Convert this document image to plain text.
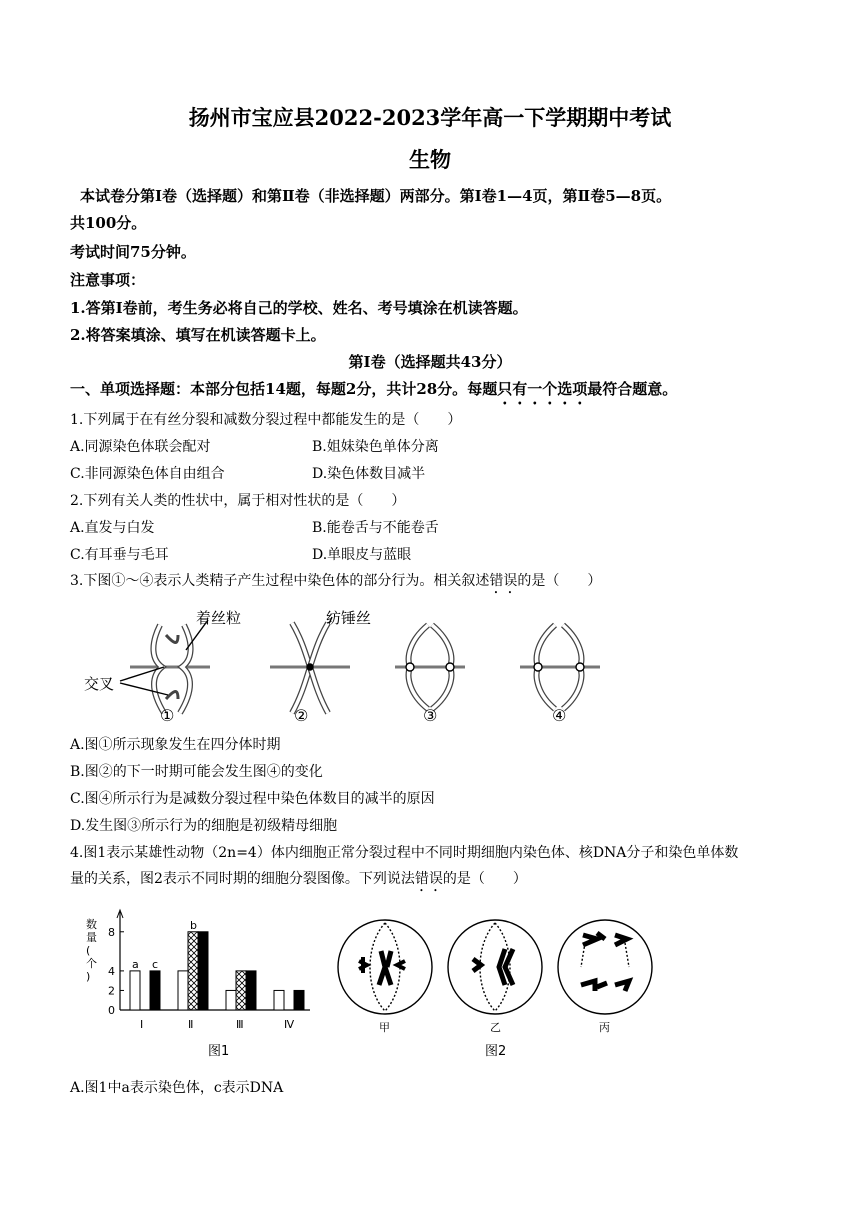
扬州市宝应县2022-2023学年高一下学期期中考试
生物
本试卷分第Ⅰ卷（选择题）和第Ⅱ卷（非选择题）两部分。第Ⅰ卷1—4页，第Ⅱ卷5—8页。
共100分。
考试时间75分钟。
注意事项：
1.答第Ⅰ卷前，考生务必将自己的学校、姓名、考号填涂在机读答题。
2.将答案填涂、填写在机读答题卡上。
第Ⅰ卷（选择题共43分）
一、单项选择题：本部分包括14题，每题2分，共计28分。每题只有一个选项最符合题意。
1.下列属于在有丝分裂和减数分裂过程中都能发生的是（　　）
A.同源染色体联会配对	B.姐妹染色单体分离
C.非同源染色体自由组合	D.染色体数目减半
2.下列有关人类的性状中，属于相对性状的是（　　）
A.直发与白发	B.能卷舌与不能卷舌
C.有耳垂与毛耳	D.单眼皮与蓝眼
3.下图①～④表示人类精子产生过程中染色体的部分行为。相关叙述错误的是（　　）
着丝粒	纺锤丝
交叉
①	②	③	④
A.图①所示现象发生在四分体时期
B.图②的下一时期可能会发生图④的变化
C.图④所示行为是减数分裂过程中染色体数目的减半的原因
D.发生图③所示行为的细胞是初级精母细胞
4.图1表示某雄性动物（2n=4）体内细胞正常分裂过程中不同时期细胞内染色体、核DNA分子和染色单体数
量的关系，图2表示不同时期的细胞分裂图像。下列说法错误的是（　　）
0
2
4
8
数量(个)
Ⅰ	Ⅱ	Ⅲ	Ⅳ
a c
b
图1
甲	乙	丙
图2
A.图1中a表示染色体，c表示DNA
